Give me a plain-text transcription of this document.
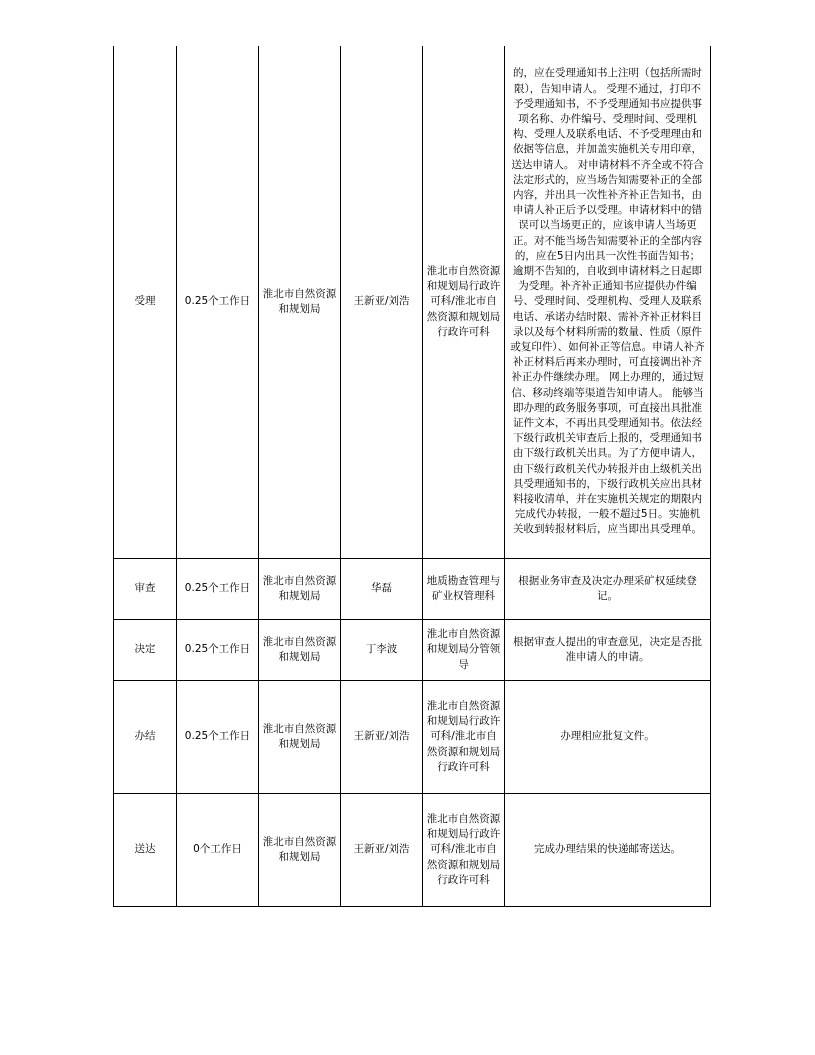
受理	0.25个工作日	淮北市自然资源和规划局	王新亚/刘浩	淮北市自然资源和规划局行政许可科/淮北市自然资源和规划局行政许可科	的，应在受理通知书上注明（包括所需时限），告知申请人。 受理不通过，打印不予受理通知书，不予受理通知书应提供事项名称、办件编号、受理时间、受理机构、受理人及联系电话、不予受理理由和依据等信息，并加盖实施机关专用印章，送达申请人。 对申请材料不齐全或不符合法定形式的，应当场告知需要补正的全部内容，并出具一次性补齐补正告知书，由申请人补正后予以受理。申请材料中的错误可以当场更正的，应该申请人当场更正。对不能当场告知需要补正的全部内容的，应在5日内出具一次性书面告知书；逾期不告知的，自收到申请材料之日起即为受理。补齐补正通知书应提供办件编号、受理时间、受理机构、受理人及联系电话、承诺办结时限、需补齐补正材料目录以及每个材料所需的数量、性质（原件或复印件）、如何补正等信息。申请人补齐补正材料后再来办理时，可直接调出补齐补正办件继续办理。 网上办理的，通过短信、移动终端等渠道告知申请人。 能够当即办理的政务服务事项，可直接出具批准证件文本，不再出具受理通知书。依法经下级行政机关审查后上报的，受理通知书由下级行政机关出具。为了方便申请人，由下级行政机关代办转报并由上级机关出具受理通知书的，下级行政机关应出具材料接收清单，并在实施机关规定的期限内完成代办转报，一般不超过5日。实施机关收到转报材料后，应当即出具受理单。
审查	0.25个工作日	淮北市自然资源和规划局	华磊	地质勘查管理与矿业权管理科	根据业务审查及决定办理采矿权延续登记。
决定	0.25个工作日	淮北市自然资源和规划局	丁李波	淮北市自然资源和规划局分管领导	根据审查人提出的审查意见，决定是否批准申请人的申请。
办结	0.25个工作日	淮北市自然资源和规划局	王新亚/刘浩	淮北市自然资源和规划局行政许可科/淮北市自然资源和规划局行政许可科	办理相应批复文件。
送达	0个工作日	淮北市自然资源和规划局	王新亚/刘浩	淮北市自然资源和规划局行政许可科/淮北市自然资源和规划局行政许可科	完成办理结果的快递邮寄送达。
